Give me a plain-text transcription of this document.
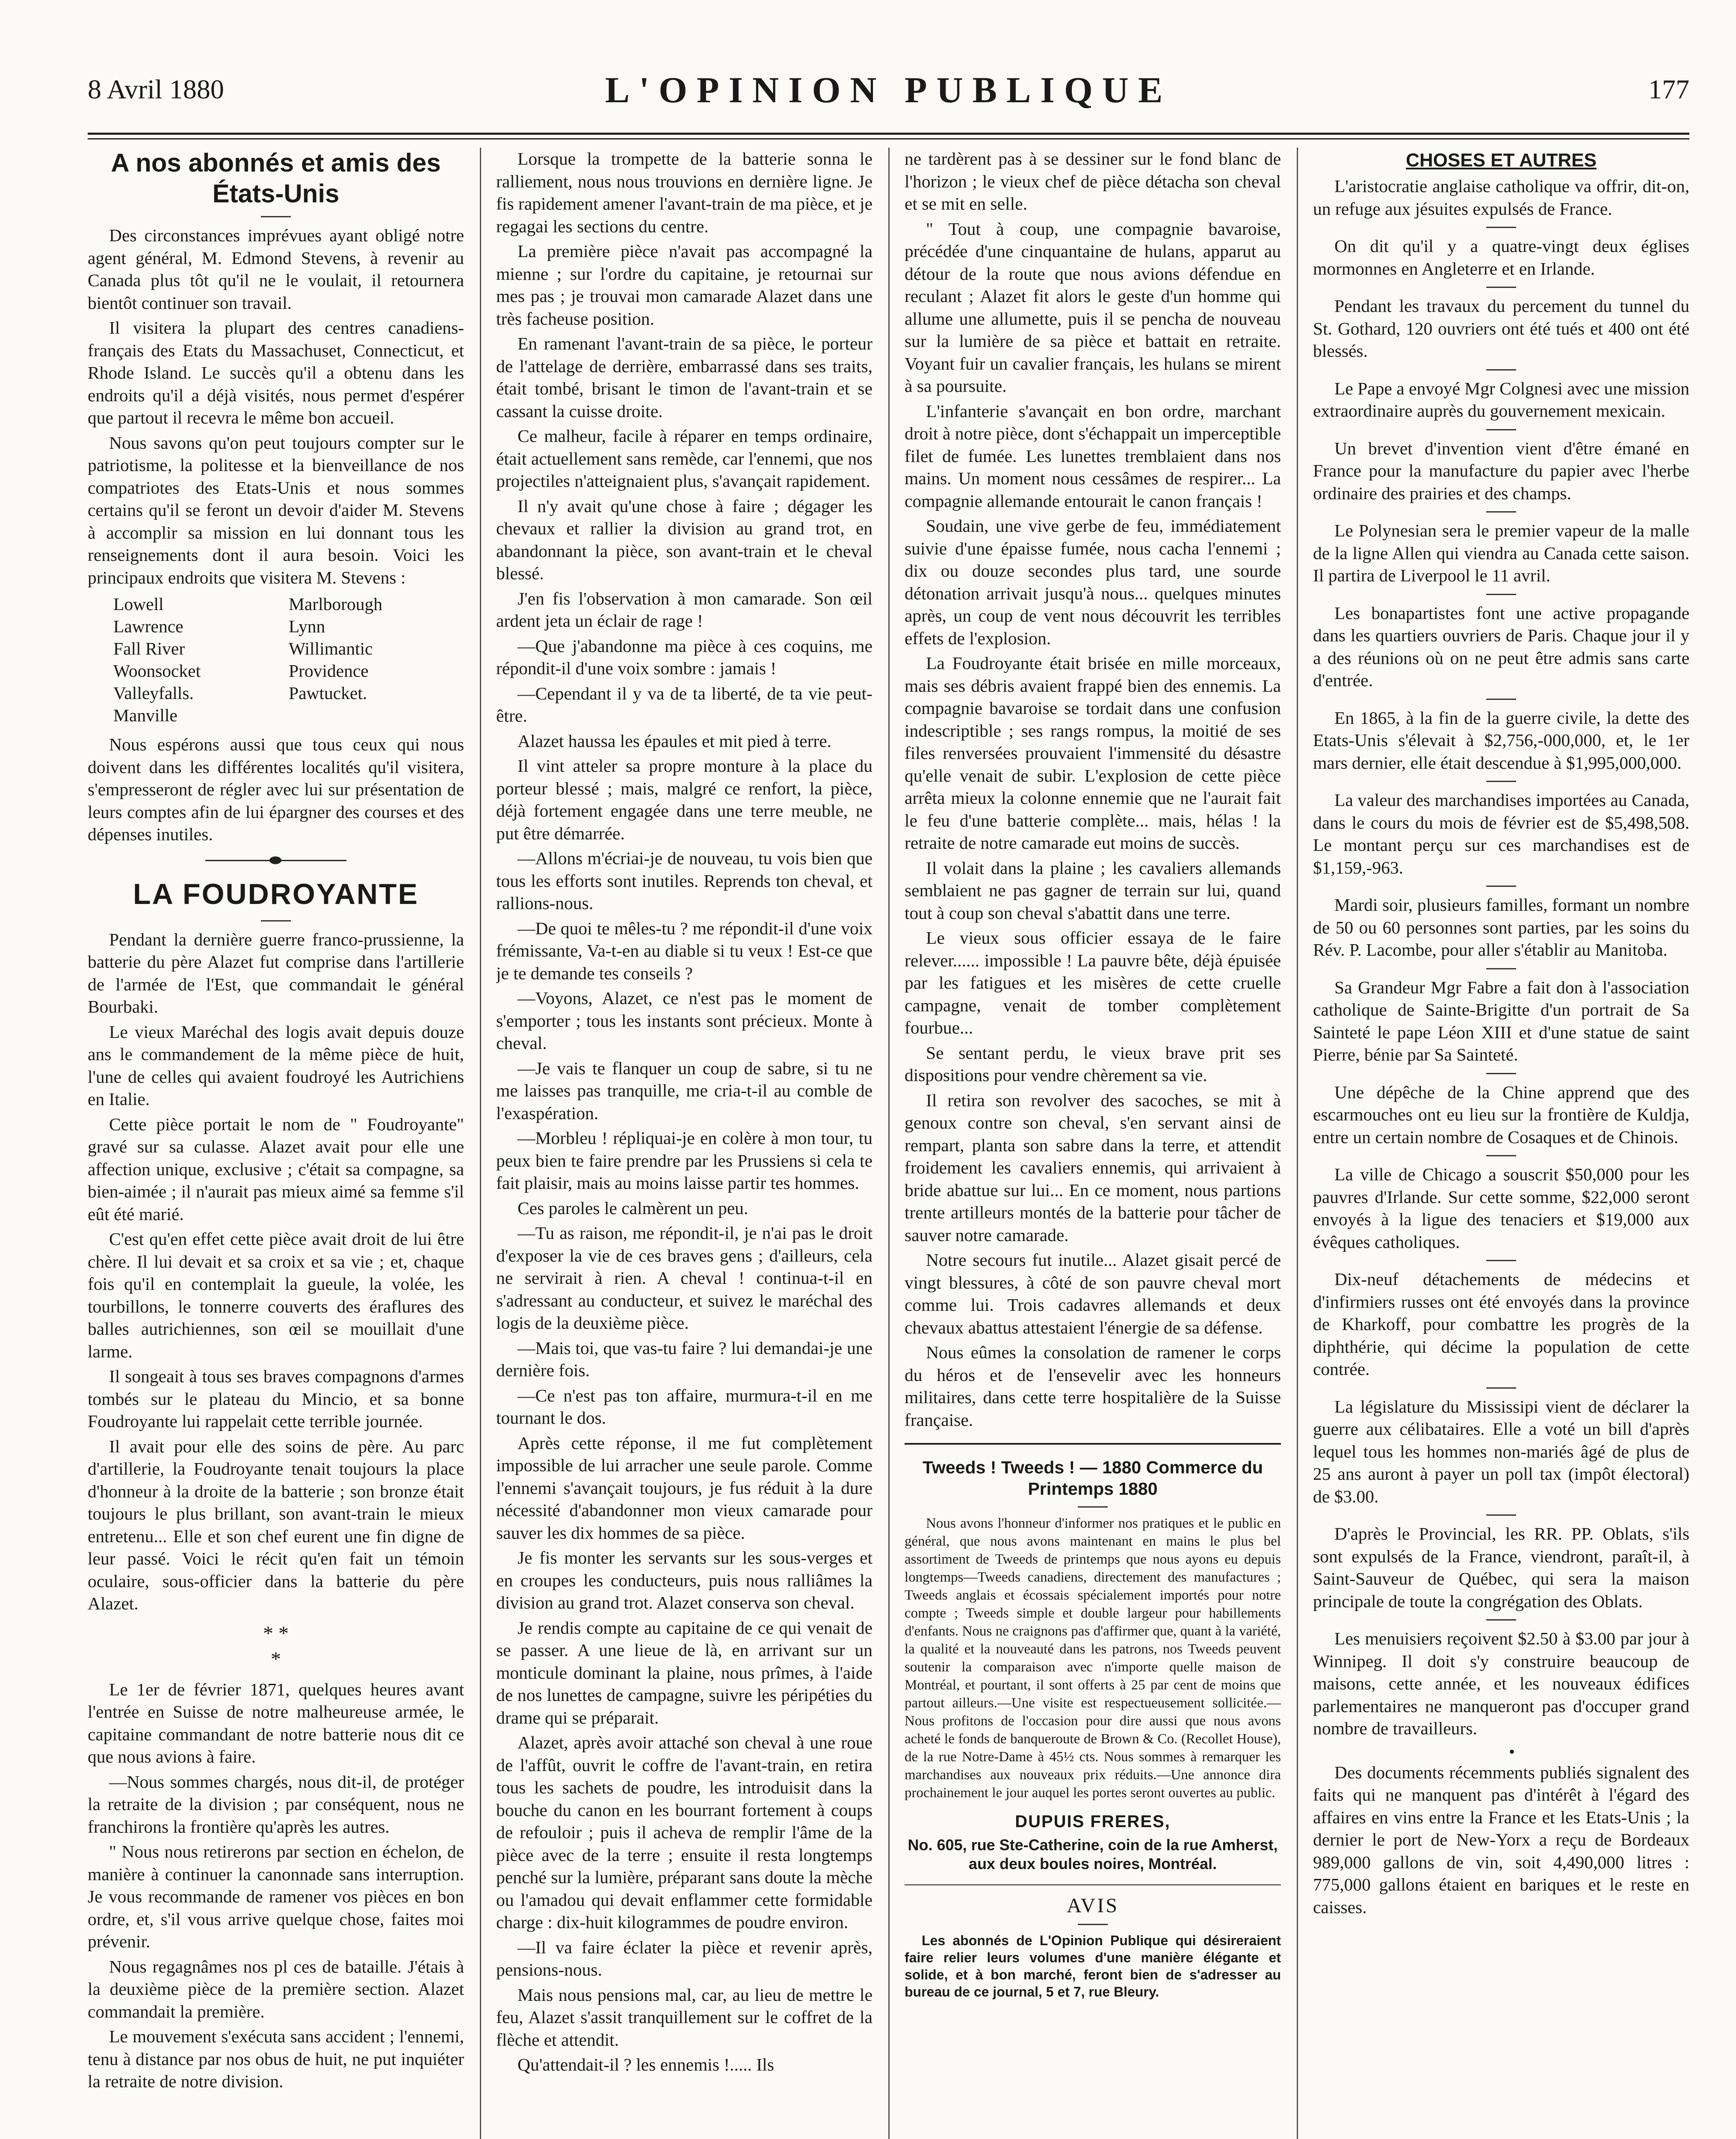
8 Avril 1880	L'OPINION PUBLIQUE	177
A nos abonnés et amis des
États-Unis

Des circonstances imprévues ayant obligé notre agent général, M. Edmond Stevens, à revenir au Canada plus tôt qu'il ne le voulait, il retournera bientôt continuer son travail.

Il visitera la plupart des centres canadiens-français des Etats du Massachuset, Connecticut, et Rhode Island. Le succès qu'il a obtenu dans les endroits qu'il a déjà visités, nous permet d'espérer que partout il recevra le même bon accueil.

Nous savons qu'on peut toujours compter sur le patriotisme, la politesse et la bienveillance de nos compatriotes des Etats-Unis et nous sommes certains qu'il se feront un devoir d'aider M. Stevens à accomplir sa mission en lui donnant tous les renseignements dont il aura besoin. Voici les principaux endroits que visitera M. Stevens :

Lowell	Marlborough
Lawrence	Lynn
Fall River	Willimantic
Woonsocket	Providence
Valleyfalls.	Pawtucket.
Manville

Nous espérons aussi que tous ceux qui nous doivent dans les différentes localités qu'il visitera, s'empresseront de régler avec lui sur présentation de leurs comptes afin de lui épargner des courses et des dépenses inutiles.

LA FOUDROYANTE

Pendant la dernière guerre franco-prussienne, la batterie du père Alazet fut comprise dans l'artillerie de l'armée de l'Est, que commandait le général Bourbaki.

Le vieux Maréchal des logis avait depuis douze ans le commandement de la même pièce de huit, l'une de celles qui avaient foudroyé les Autrichiens en Italie.

Cette pièce portait le nom de " Foudroyante" gravé sur sa culasse. Alazet avait pour elle une affection unique, exclusive ; c'était sa compagne, sa bien-aimée ; il n'aurait pas mieux aimé sa femme s'il eût été marié.

C'est qu'en effet cette pièce avait droit de lui être chère. Il lui devait et sa croix et sa vie ; et, chaque fois qu'il en contemplait la gueule, la volée, les tourbillons, le tonnerre couverts des éraflures des balles autrichiennes, son œil se mouillait d'une larme.

Il songeait à tous ses braves compagnons d'armes tombés sur le plateau du Mincio, et sa bonne Foudroyante lui rappelait cette terrible journée.

Il avait pour elle des soins de père. Au parc d'artillerie, la Foudroyante tenait toujours la place d'honneur à la droite de la batterie ; son bronze était toujours le plus brillant, son avant-train le mieux entretenu... Elle et son chef eurent une fin digne de leur passé. Voici le récit qu'en fait un témoin oculaire, sous-officier dans la batterie du père Alazet.

* *
*

Le 1er de février 1871, quelques heures avant l'entrée en Suisse de notre malheureuse armée, le capitaine commandant de notre batterie nous dit ce que nous avions à faire.

—Nous sommes chargés, nous dit-il, de protéger la retraite de la division ; par conséquent, nous ne franchirons la frontière qu'après les autres.

" Nous nous retirerons par section en échelon, de manière à continuer la canonnade sans interruption. Je vous recommande de ramener vos pièces en bon ordre, et, s'il vous arrive quelque chose, faites moi prévenir.

Nous regagnâmes nos pl ces de bataille. J'étais à la deuxième pièce de la première section. Alazet commandait la première.

Le mouvement s'exécuta sans accident ; l'ennemi, tenu à distance par nos obus de huit, ne put inquiéter la retraite de notre division.

Lorsque la trompette de la batterie sonna le ralliement, nous nous trouvions en dernière ligne. Je fis rapidement amener l'avant-train de ma pièce, et je regagai les sections du centre.

La première pièce n'avait pas accompagné la mienne ; sur l'ordre du capitaine, je retournai sur mes pas ; je trouvai mon camarade Alazet dans une très facheuse position.

En ramenant l'avant-train de sa pièce, le porteur de l'attelage de derrière, embarrassé dans ses traits, était tombé, brisant le timon de l'avant-train et se cassant la cuisse droite.

Ce malheur, facile à réparer en temps ordinaire, était actuellement sans remède, car l'ennemi, que nos projectiles n'atteignaient plus, s'avançait rapidement.

Il n'y avait qu'une chose à faire ; dégager les chevaux et rallier la division au grand trot, en abandonnant la pièce, son avant-train et le cheval blessé.

J'en fis l'observation à mon camarade. Son œil ardent jeta un éclair de rage !

—Que j'abandonne ma pièce à ces coquins, me répondit-il d'une voix sombre : jamais !

—Cependant il y va de ta liberté, de ta vie peut-être.

Alazet haussa les épaules et mit pied à terre.

Il vint atteler sa propre monture à la place du porteur blessé ; mais, malgré ce renfort, la pièce, déjà fortement engagée dans une terre meuble, ne put être démarrée.

—Allons m'écriai-je de nouveau, tu vois bien que tous les efforts sont inutiles. Reprends ton cheval, et rallions-nous.

—De quoi te mêles-tu ? me répondit-il d'une voix frémissante, Va-t-en au diable si tu veux ! Est-ce que je te demande tes conseils ?

—Voyons, Alazet, ce n'est pas le moment de s'emporter ; tous les instants sont précieux. Monte à cheval.

—Je vais te flanquer un coup de sabre, si tu ne me laisses pas tranquille, me cria-t-il au comble de l'exaspération.

—Morbleu ! répliquai-je en colère à mon tour, tu peux bien te faire prendre par les Prussiens si cela te fait plaisir, mais au moins laisse partir tes hommes.

Ces paroles le calmèrent un peu.

—Tu as raison, me répondit-il, je n'ai pas le droit d'exposer la vie de ces braves gens ; d'ailleurs, cela ne servirait à rien. A cheval ! continua-t-il en s'adressant au conducteur, et suivez le maréchal des logis de la deuxième pièce.

—Mais toi, que vas-tu faire ? lui demandai-je une dernière fois.

—Ce n'est pas ton affaire, murmura-t-il en me tournant le dos.

Après cette réponse, il me fut complètement impossible de lui arracher une seule parole. Comme l'ennemi s'avançait toujours, je fus réduit à la dure nécessité d'abandonner mon vieux camarade pour sauver les dix hommes de sa pièce.

Je fis monter les servants sur les sous-verges et en croupes les conducteurs, puis nous ralliâmes la division au grand trot. Alazet conserva son cheval.

Je rendis compte au capitaine de ce qui venait de se passer. A une lieue de là, en arrivant sur un monticule dominant la plaine, nous prîmes, à l'aide de nos lunettes de campagne, suivre les péripéties du drame qui se préparait.

Alazet, après avoir attaché son cheval à une roue de l'affût, ouvrit le coffre de l'avant-train, en retira tous les sachets de poudre, les introduisit dans la bouche du canon en les bourrant fortement à coups de refouloir ; puis il acheva de remplir l'âme de la pièce avec de la terre ; ensuite il resta longtemps penché sur la lumière, préparant sans doute la mèche ou l'amadou qui devait enflammer cette formidable charge : dix-huit kilogrammes de poudre environ.

—Il va faire éclater la pièce et revenir après, pensions-nous.

Mais nous pensions mal, car, au lieu de mettre le feu, Alazet s'assit tranquillement sur le coffret de la flèche et attendit.

Qu'attendait-il ? les ennemis !..... Ils

ne tardèrent pas à se dessiner sur le fond blanc de l'horizon ; le vieux chef de pièce détacha son cheval et se mit en selle.

" Tout à coup, une compagnie bavaroise, précédée d'une cinquantaine de hulans, apparut au détour de la route que nous avions défendue en reculant ; Alazet fit alors le geste d'un homme qui allume une allumette, puis il se pencha de nouveau sur la lumière de sa pièce et battait en retraite. Voyant fuir un cavalier français, les hulans se mirent à sa poursuite.

L'infanterie s'avançait en bon ordre, marchant droit à notre pièce, dont s'échappait un imperceptible filet de fumée. Les lunettes tremblaient dans nos mains. Un moment nous cessâmes de respirer... La compagnie allemande entourait le canon français !

Soudain, une vive gerbe de feu, immédiatement suivie d'une épaisse fumée, nous cacha l'ennemi ; dix ou douze secondes plus tard, une sourde détonation arrivait jusqu'à nous... quelques minutes après, un coup de vent nous découvrit les terribles effets de l'explosion.

La Foudroyante était brisée en mille morceaux, mais ses débris avaient frappé bien des ennemis. La compagnie bavaroise se tordait dans une confusion indescriptible ; ses rangs rompus, la moitié de ses files renversées prouvaient l'immensité du désastre qu'elle venait de subir. L'explosion de cette pièce arrêta mieux la colonne ennemie que ne l'aurait fait le feu d'une batterie complète... mais, hélas ! la retraite de notre camarade eut moins de succès.

Il volait dans la plaine ; les cavaliers allemands semblaient ne pas gagner de terrain sur lui, quand tout à coup son cheval s'abattit dans une terre.

Le vieux sous officier essaya de le faire relever...... impossible ! La pauvre bête, déjà épuisée par les fatigues et les misères de cette cruelle campagne, venait de tomber complètement fourbue...

Se sentant perdu, le vieux brave prit ses dispositions pour vendre chèrement sa vie.

Il retira son revolver des sacoches, se mit à genoux contre son cheval, s'en servant ainsi de rempart, planta son sabre dans la terre, et attendit froidement les cavaliers ennemis, qui arrivaient à bride abattue sur lui... En ce moment, nous partions trente artilleurs montés de la batterie pour tâcher de sauver notre camarade.

Notre secours fut inutile... Alazet gisait percé de vingt blessures, à côté de son pauvre cheval mort comme lui. Trois cadavres allemands et deux chevaux abattus attestaient l'énergie de sa défense.

Nous eûmes la consolation de ramener le corps du héros et de l'ensevelir avec les honneurs militaires, dans cette terre hospitalière de la Suisse française.

Tweeds ! Tweeds ! — 1880 Commerce du Printemps 1880

Nous avons l'honneur d'informer nos pratiques et le public en général, que nous avons maintenant en mains le plus bel assortiment de Tweeds de printemps que nous ayons eu depuis longtemps—Tweeds canadiens, directement des manufactures ; Tweeds anglais et écossais spécialement importés pour notre compte ; Tweeds simple et double largeur pour habillements d'enfants. Nous ne craignons pas d'affirmer que, quant à la variété, la qualité et la nouveauté dans les patrons, nos Tweeds peuvent soutenir la comparaison avec n'importe quelle maison de Montréal, et pourtant, il sont offerts à 25 par cent de moins que partout ailleurs.—Une visite est respectueusement sollicitée.—Nous profitons de l'occasion pour dire aussi que nous avons acheté le fonds de banqueroute de Brown & Co. (Recollet House), de la rue Notre-Dame à 45½ cts. Nous sommes à remarquer les marchandises aux nouveaux prix réduits.—Une annonce dira prochainement le jour auquel les portes seront ouvertes au public.

DUPUIS FRERES,
No. 605, rue Ste-Catherine, coin de la rue Amherst, aux deux boules noires, Montréal.
AVIS

Les abonnés de L'Opinion Publique qui désireraient faire relier leurs volumes d'une manière élégante et solide, et à bon marché, feront bien de s'adresser au bureau de ce journal, 5 et 7, rue Bleury.

CHOSES ET AUTRES

L'aristocratie anglaise catholique va offrir, dit-on, un refuge aux jésuites expulsés de France.

On dit qu'il y a quatre-vingt deux églises mormonnes en Angleterre et en Irlande.

Pendant les travaux du percement du tunnel du St. Gothard, 120 ouvriers ont été tués et 400 ont été blessés.

Le Pape a envoyé Mgr Colgnesi avec une mission extraordinaire auprès du gouvernement mexicain.

Un brevet d'invention vient d'être émané en France pour la manufacture du papier avec l'herbe ordinaire des prairies et des champs.

Le Polynesian sera le premier vapeur de la malle de la ligne Allen qui viendra au Canada cette saison. Il partira de Liverpool le 11 avril.

Les bonapartistes font une active propagande dans les quartiers ouvriers de Paris. Chaque jour il y a des réunions où on ne peut être admis sans carte d'entrée.

En 1865, à la fin de la guerre civile, la dette des Etats-Unis s'élevait à $2,756,-000,000, et, le 1er mars dernier, elle était descendue à $1,995,000,000.

La valeur des marchandises importées au Canada, dans le cours du mois de février est de $5,498,508. Le montant perçu sur ces marchandises est de $1,159,-963.

Mardi soir, plusieurs familles, formant un nombre de 50 ou 60 personnes sont parties, par les soins du Rév. P. Lacombe, pour aller s'établir au Manitoba.

Sa Grandeur Mgr Fabre a fait don à l'association catholique de Sainte-Brigitte d'un portrait de Sa Sainteté le pape Léon XIII et d'une statue de saint Pierre, bénie par Sa Sainteté.

Une dépêche de la Chine apprend que des escarmouches ont eu lieu sur la frontière de Kuldja, entre un certain nombre de Cosaques et de Chinois.

La ville de Chicago a souscrit $50,000 pour les pauvres d'Irlande. Sur cette somme, $22,000 seront envoyés à la ligue des tenaciers et $19,000 aux évêques catholiques.

Dix-neuf détachements de médecins et d'infirmiers russes ont été envoyés dans la province de Kharkoff, pour combattre les progrès de la diphthérie, qui décime la population de cette contrée.

La législature du Mississipi vient de déclarer la guerre aux célibataires. Elle a voté un bill d'après lequel tous les hommes non-mariés âgé de plus de 25 ans auront à payer un poll tax (impôt électoral) de $3.00.

D'après le Provincial, les RR. PP. Oblats, s'ils sont expulsés de la France, viendront, paraît-il, à Saint-Sauveur de Québec, qui sera la maison principale de toute la congrégation des Oblats.

Les menuisiers reçoivent $2.50 à $3.00 par jour à Winnipeg. Il doit s'y construire beaucoup de maisons, cette année, et les nouveaux édifices parlementaires ne manqueront pas d'occuper grand nombre de travailleurs.

•

Des documents récemments publiés signalent des faits qui ne manquent pas d'intérêt à l'égard des affaires en vins entre la France et les Etats-Unis ; la dernier le port de New-Yorx a reçu de Bordeaux 989,000 gallons de vin, soit 4,490,000 litres : 775,000 gallons étaient en bariques et le reste en caisses.
